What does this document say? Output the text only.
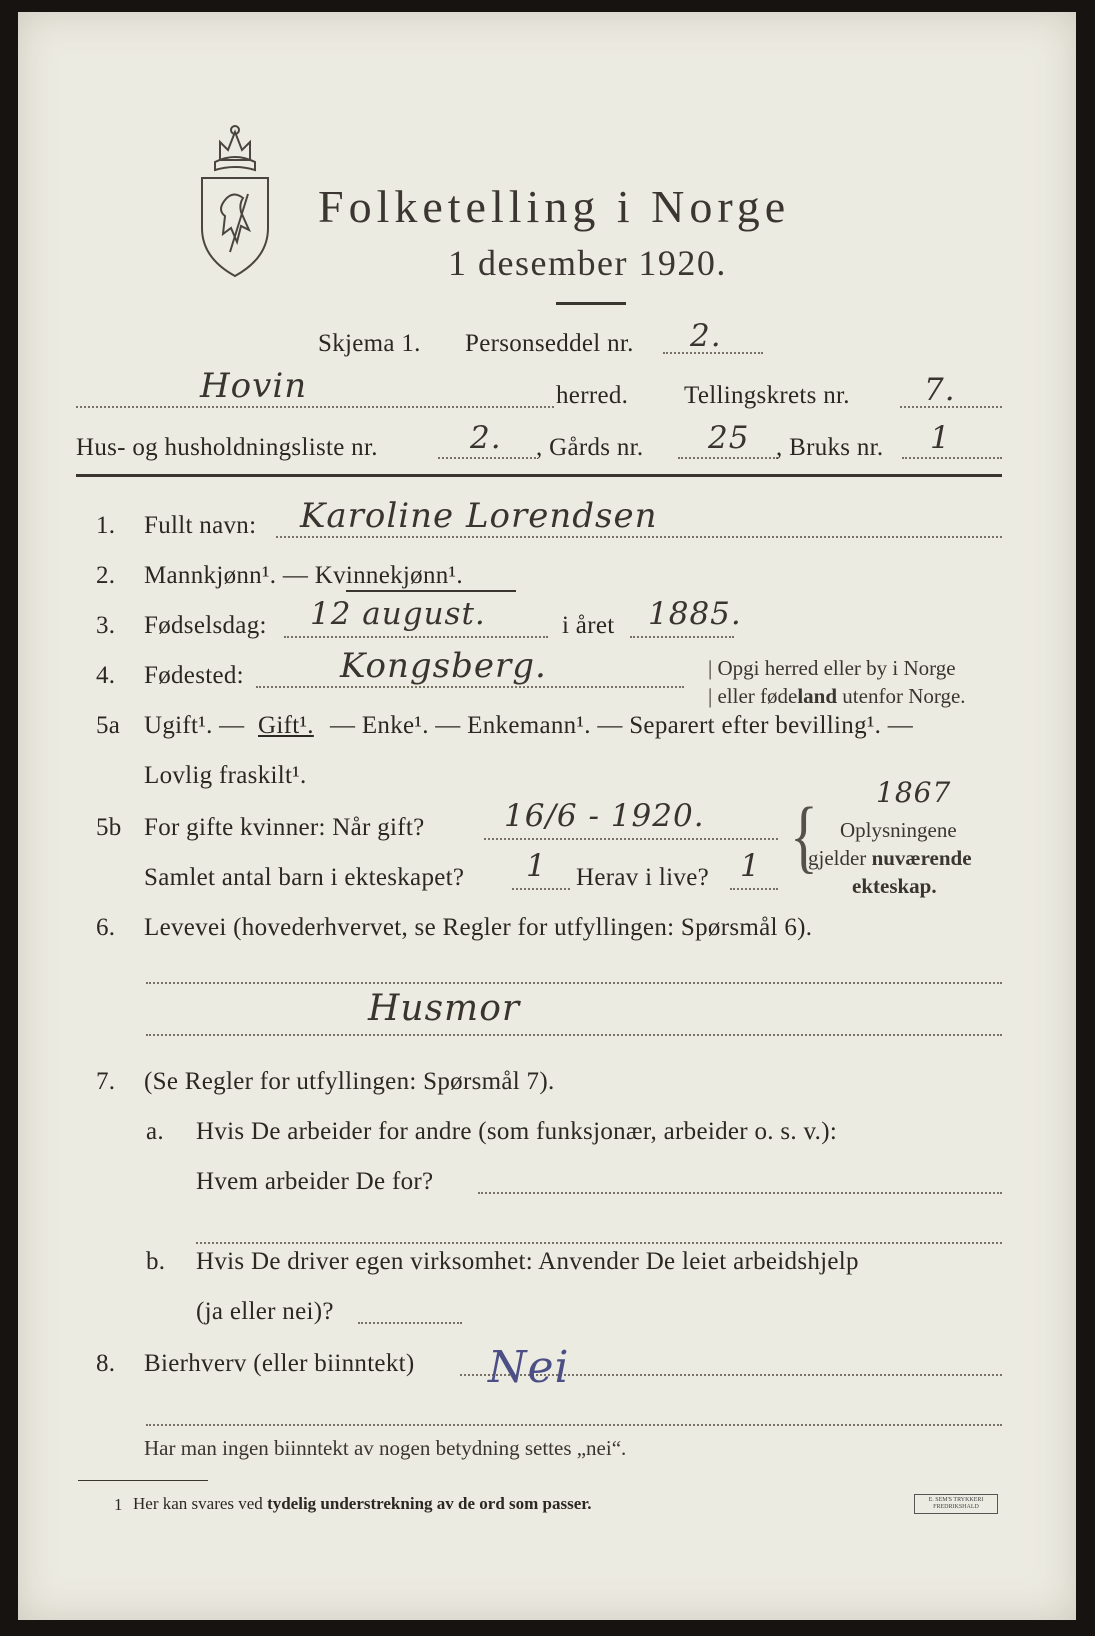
Folketelling i Norge
1 desember 1920.
Skjema 1. Personseddel nr. 2.
Hovin	herred. Tellingskrets nr. 7.
Hus- og husholdningsliste nr.	2. , Gårds nr. 25 , Bruks nr. 1
1. Fullt navn: Karoline Lorendsen
2. Mannkjønn¹. — Kvinnekjønn¹.
3. Fødselsdag: 12 august.	i året 1885.
4. Fødested:	Kongsberg.	| Opgi herred eller by i Norge
| eller fødeland utenfor Norge.
5a Ugift¹. — Gift¹. — Enke¹. — Enkemann¹. — Separert efter bevilling¹. —
Lovlig fraskilt¹.
5b For gifte kvinner: Når gift?	16/6 - 1920.
1867
Samlet antal barn i ekteskapet? 1 Herav i live? 1 { Oplysningene
gjelder nuværende
ekteskap.
6. Levevei (hovederhvervet, se Regler for utfyllingen: Spørsmål 6).
Husmor
7. (Se Regler for utfyllingen: Spørsmål 7).
a. Hvis De arbeider for andre (som funksjonær, arbeider o. s. v.):
Hvem arbeider De for?
b. Hvis De driver egen virksomhet: Anvender De leiet arbeidshjelp
(ja eller nei)?
8. Bierhverv (eller biinntekt) Nei
Har man ingen biinntekt av nogen betydning settes „nei“.
1 Her kan svares ved tydelig understrekning av de ord som passer.	E. SEM'S TRYKKERI
FREDRIKSHALD
